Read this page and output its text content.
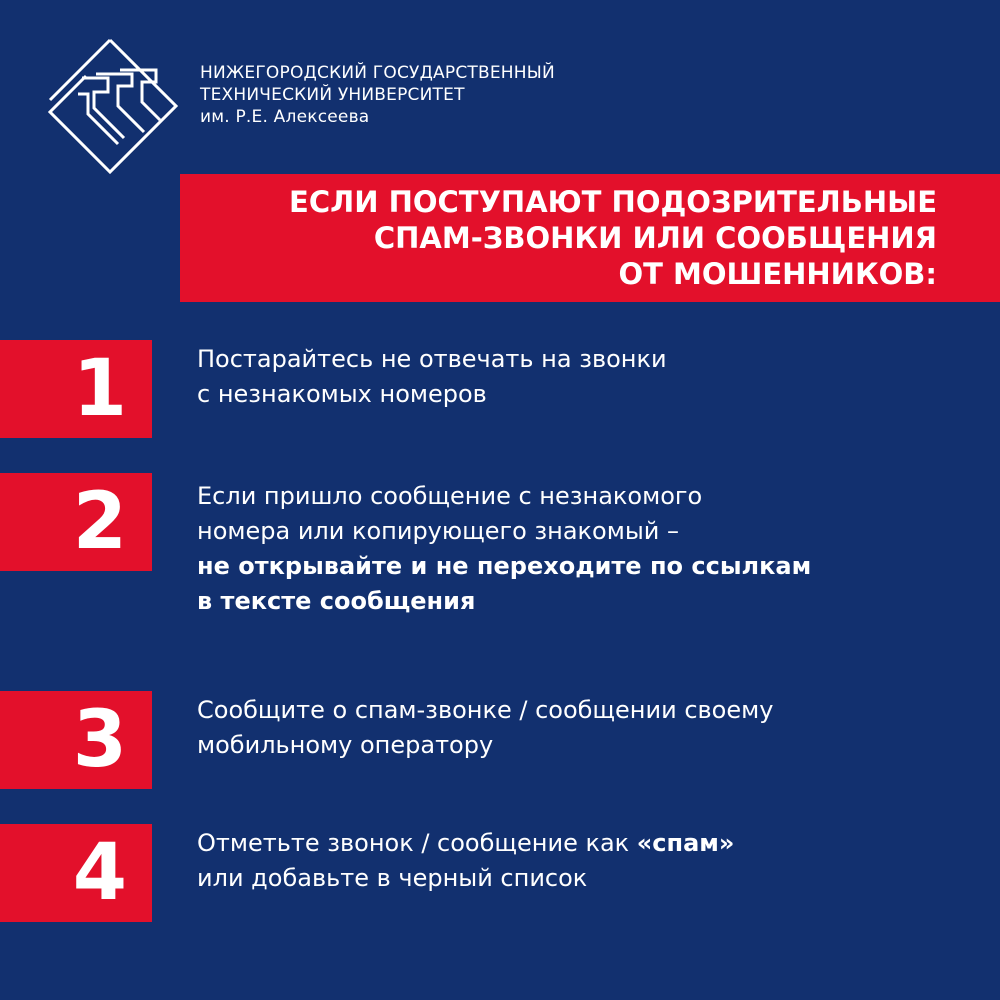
НИЖЕГОРОДСКИЙ ГОСУДАРСТВЕННЫЙ
ТЕХНИЧЕСКИЙ УНИВЕРСИТЕТ
им. Р.Е. Алексеева
ЕСЛИ ПОСТУПАЮТ ПОДОЗРИТЕЛЬНЫЕ
СПАМ-ЗВОНКИ ИЛИ СООБЩЕНИЯ
ОТ МОШЕННИКОВ:
1	Постарайтесь не отвечать на звонки
с незнакомых номеров
2	Если пришло сообщение с незнакомого
номера или копирующего знакомый –
не открывайте и не переходите по ссылкам
в тексте сообщения
3	Сообщите о спам-звонке / сообщении своему
мобильному оператору
4	Отметьте звонок / сообщение как «спам»
или добавьте в черный список
